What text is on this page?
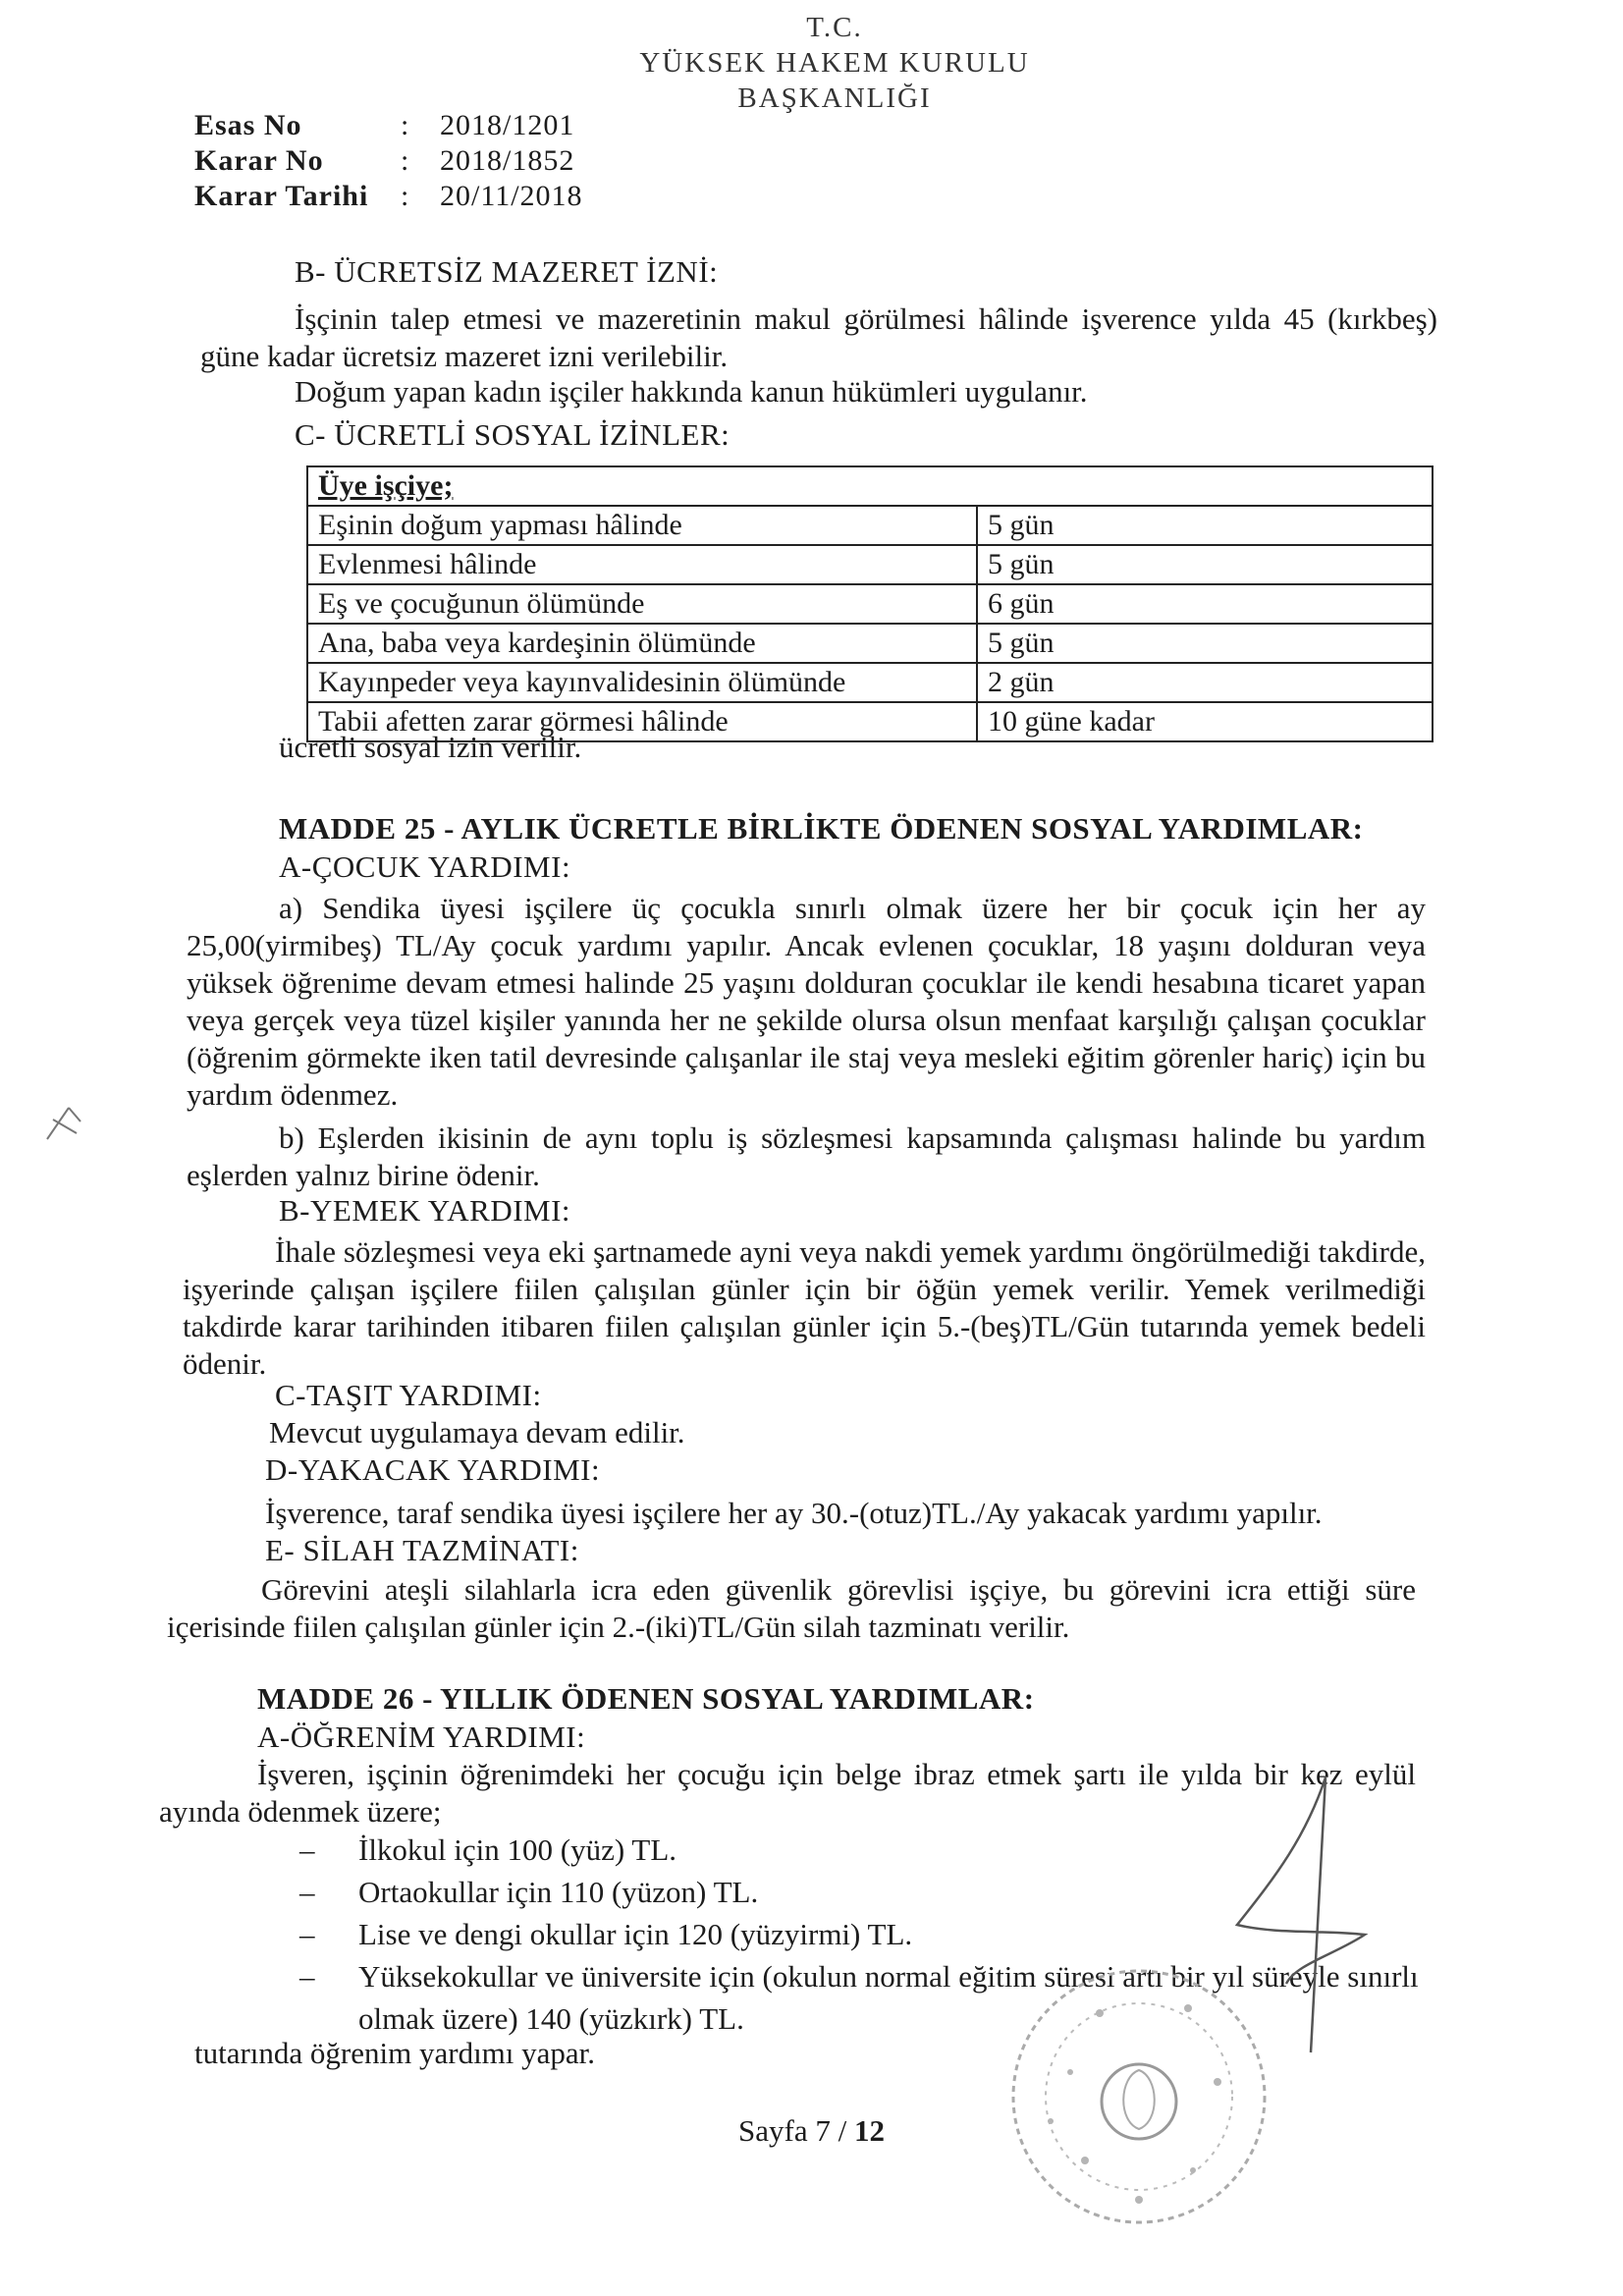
T.C.
YÜKSEK HAKEM KURULU
BAŞKANLIĞI
Esas No	:	2018/1201
Karar No	:	2018/1852
Karar Tarihi	:	20/11/2018
B- ÜCRETSİZ MAZERET İZNİ:
İşçinin talep etmesi ve mazeretinin makul görülmesi hâlinde işverence yılda 45 (kırkbeş) güne kadar ücretsiz mazeret izni verilebilir.
Doğum yapan kadın işçiler hakkında kanun hükümleri uygulanır.
C- ÜCRETLİ SOSYAL İZİNLER:
Üye işçiye;	
Eşinin doğum yapması hâlinde	5 gün
Evlenmesi hâlinde	5 gün
Eş ve çocuğunun ölümünde	6 gün
Ana, baba veya kardeşinin ölümünde	5 gün
Kayınpeder veya kayınvalidesinin ölümünde	2 gün
Tabii afetten zarar görmesi hâlinde	10 güne kadar
ücretli sosyal izin verilir.
MADDE 25 - AYLIK ÜCRETLE BİRLİKTE ÖDENEN SOSYAL YARDIMLAR:
A-ÇOCUK YARDIMI:
a) Sendika üyesi işçilere üç çocukla sınırlı olmak üzere her bir çocuk için her ay 25,00(yirmibeş) TL/Ay çocuk yardımı yapılır. Ancak evlenen çocuklar, 18 yaşını dolduran veya yüksek öğrenime devam etmesi halinde 25 yaşını dolduran çocuklar ile kendi hesabına ticaret yapan veya gerçek veya tüzel kişiler yanında her ne şekilde olursa olsun menfaat karşılığı çalışan çocuklar (öğrenim görmekte iken tatil devresinde çalışanlar ile staj veya mesleki eğitim görenler hariç) için bu yardım ödenmez.
b) Eşlerden ikisinin de aynı toplu iş sözleşmesi kapsamında çalışması halinde bu yardım eşlerden yalnız birine ödenir.
B-YEMEK YARDIMI:
İhale sözleşmesi veya eki şartnamede ayni veya nakdi yemek yardımı öngörülmediği takdirde, işyerinde çalışan işçilere fiilen çalışılan günler için bir öğün yemek verilir. Yemek verilmediği takdirde karar tarihinden itibaren fiilen çalışılan günler için 5.-(beş)TL/Gün tutarında yemek bedeli ödenir.
C-TAŞIT YARDIMI:
Mevcut uygulamaya devam edilir.
D-YAKACAK YARDIMI:
İşverence, taraf sendika üyesi işçilere her ay 30.-(otuz)TL./Ay yakacak yardımı yapılır.
E- SİLAH TAZMİNATI:
Görevini ateşli silahlarla icra eden güvenlik görevlisi işçiye, bu görevini icra ettiği süre içerisinde fiilen çalışılan günler için 2.-(iki)TL/Gün silah tazminatı verilir.
MADDE 26 - YILLIK ÖDENEN SOSYAL YARDIMLAR:
A-ÖĞRENİM YARDIMI:
İşveren, işçinin öğrenimdeki her çocuğu için belge ibraz etmek şartı ile yılda bir kez eylül ayında ödenmek üzere;
–	İlkokul için 100 (yüz) TL.
–	Ortaokullar için 110 (yüzon) TL.
–	Lise ve dengi okullar için 120 (yüzyirmi) TL.
–	Yüksekokullar ve üniversite için (okulun normal eğitim süresi artı bir yıl süreyle sınırlı olmak üzere) 140 (yüzkırk) TL.
tutarında öğrenim yardımı yapar.
Sayfa 7 / 12
